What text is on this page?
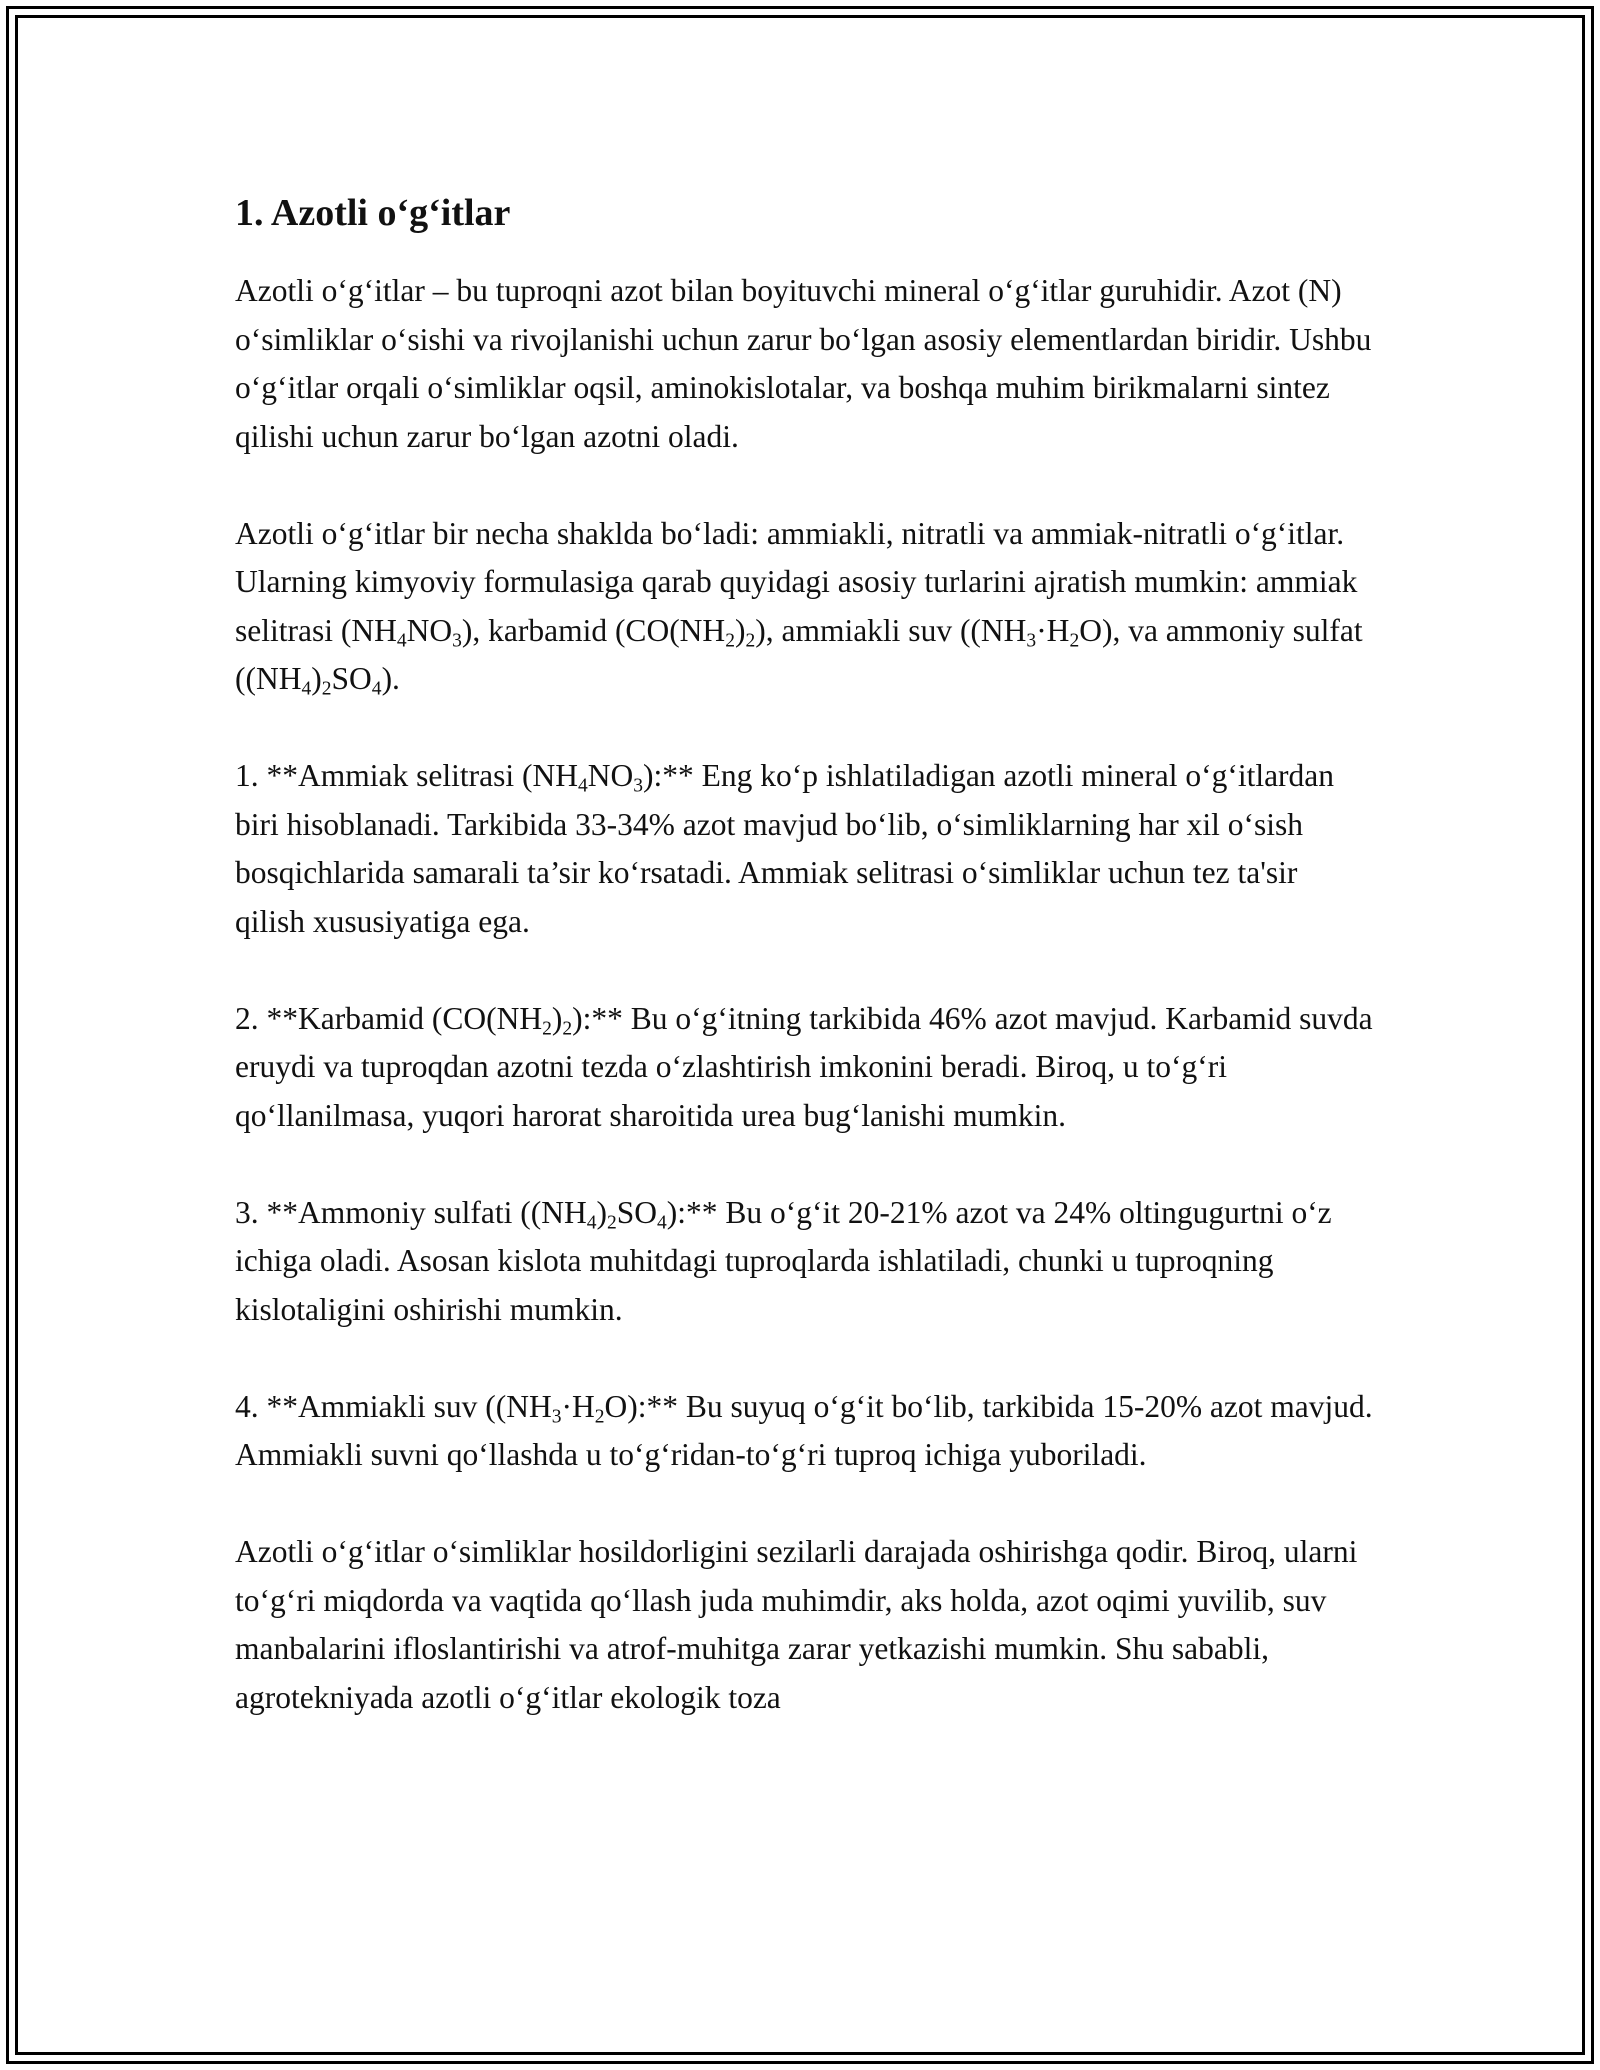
1. Azotli o‘g‘itlar

Azotli o‘g‘itlar – bu tuproqni azot bilan boyituvchi mineral o‘g‘itlar guruhidir. Azot (N) o‘simliklar o‘sishi va rivojlanishi uchun zarur bo‘lgan asosiy elementlardan biridir. Ushbu o‘g‘itlar orqali o‘simliklar oqsil, aminokislotalar, va boshqa muhim birikmalarni sintez qilishi uchun zarur bo‘lgan azotni oladi.

Azotli o‘g‘itlar bir necha shaklda bo‘ladi: ammiakli, nitratli va ammiak-nitratli o‘g‘itlar. Ularning kimyoviy formulasiga qarab quyidagi asosiy turlarini ajratish mumkin: ammiak selitrasi $(NH_4NO_3)$, karbamid $(CO(NH_2)_2)$, ammiakli suv ($(NH_3\cdot H_2O)$, va ammoniy sulfat $((NH_4)_2SO_4)$.

1. **Ammiak selitrasi $(NH_4NO_3):**$ Eng ko‘p ishlatiladigan azotli mineral o‘g‘itlardan biri hisoblanadi. Tarkibida 33-34% azot mavjud bo‘lib, o‘simliklarning har xil o‘sish bosqichlarida samarali ta’sir ko‘rsatadi. Ammiak selitrasi o‘simliklar uchun tez ta'sir qilish xususiyatiga ega.

2. **Karbamid $(CO(NH_2)_2):**$ Bu o‘g‘itning tarkibida 46% azot mavjud. Karbamid suvda eruydi va tuproqdan azotni tezda o‘zlashtirish imkonini beradi. Biroq, u to‘g‘ri qo‘llanilmasa, yuqori harorat sharoitida urea bug‘lanishi mumkin.

3. **Ammoniy sulfati $((NH_4)_2SO_4):**$ Bu o‘g‘it 20-21% azot va 24% oltingugurtni o‘z ichiga oladi. Asosan kislota muhitdagi tuproqlarda ishlatiladi, chunki u tuproqning kislotaligini oshirishi mumkin.

4. **Ammiakli suv ($(NH_3\cdot H_2O):**$ Bu suyuq o‘g‘it bo‘lib, tarkibida 15-20% azot mavjud. Ammiakli suvni qo‘llashda u to‘g‘ridan-to‘g‘ri tuproq ichiga yuboriladi.

Azotli o‘g‘itlar o‘simliklar hosildorligini sezilarli darajada oshirishga qodir. Biroq, ularni to‘g‘ri miqdorda va vaqtida qo‘llash juda muhimdir, aks holda, azot oqimi yuvilib, suv manbalarini ifloslantirishi va atrof-muhitga zarar yetkazishi mumkin. Shu sababli, agrotekniyada azotli o‘g‘itlar ekologik toza
